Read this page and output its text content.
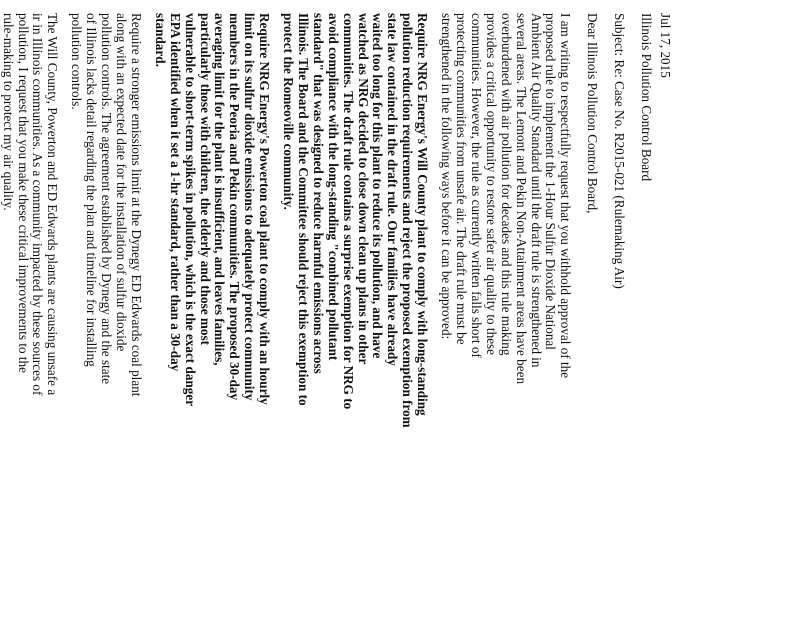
Jul 17, 2015
Illinois Pollution Control Board
Subject: Re: Case No. R2015-021 (Rulemaking Air)
Dear Illinois Pollution Control Board,
I am writing to respectfully request that you withhold approval of the
proposed rule to implement the 1-Hour Sulfur Dioxide National
Ambient Air Quality Standard until the draft rule is strengthened in
several areas. The Lemont and Pekin Non-Attainment areas have been
overburdened with air pollution for decades and this rule making
provides a critical opportunity to restore safer air quality to these
communities. However, the rule as currently written falls short of
protecting communities from unsafe air. The draft rule must be
strengthened in the following ways before it can be approved:
Require NRG Energy's Will County plant to comply with long-standing
pollution reduction requirements and reject the proposed exemption from
state law contained in the draft rule. Our families have already
waited too long for this plant to reduce its pollution, and have
watched as NRG decided to close down clean up plans in other
communities. The draft rule contains a surprise exemption for NRG to
avoid compliance with the long-standing "combined pollutant
standard" that was designed to reduce harmful emissions across
Illinois. The Board and the Committee should reject this exemption to
protect the Romeoville community.
Require NRG Energy's Powerton coal plant to comply with an hourly
limit on its sulfur dioxide emissions to adequately protect community
members in the Peoria and Pekin communities. The proposed 30-day
averaging limit for the plant is insufficient, and leaves families,
particularly those with children, the elderly and those most
vulnerable to short-term spikes in pollution, which is the exact danger
EPA identified when it set a 1-hr standard, rather than a 30-day
standard.
Require a stronger emissions limit at the Dynegy ED Edwards coal plant
along with an expected date for the installation of sulfur dioxide
pollution controls. The agreement established by Dynegy and the state
of Illinois lacks detail regarding the plan and timeline for installing
pollution controls.
The Will County, Powerton and ED Edwards plants are causing unsafe a
ir in Illinois communities. As a community impacted by these sources of
pollution, I request that you make these critical improvements to the
rule-making to protect my air quality.
